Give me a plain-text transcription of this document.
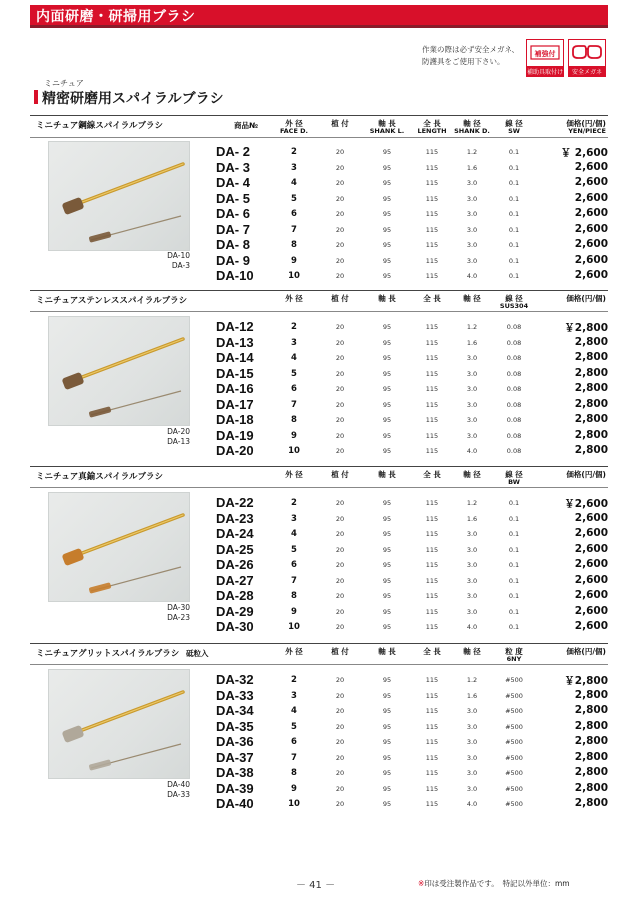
内面研磨・研掃用ブラシ
作業の際は必ず安全メガネ、
防護具をご使用下さい。
補強付
補助具取付け	安全メガネ
ミニチュア
精密研磨用スパイラルブラシ
ミニチュア鋼線スパイラルブラシ	商品№	外 径	植 付	軸 長	全 長	軸 径	線 径	価格(円/個)
FACE D.	SHANK L.	LENGTH	SHANK D.	YEN/PIECE
SW
DA-10
DA-3
DA- 2	2	20	95	115	1.2	0.1	￥ 2,600
DA- 3	3	20	95	115	1.6	0.1	2,600
DA- 4	4	20	95	115	3.0	0.1	2,600
DA- 5	5	20	95	115	3.0	0.1	2,600
DA- 6	6	20	95	115	3.0	0.1	2,600
DA- 7	7	20	95	115	3.0	0.1	2,600
DA- 8	8	20	95	115	3.0	0.1	2,600
DA- 9	9	20	95	115	3.0	0.1	2,600
DA-10	10	20	95	115	4.0	0.1	2,600
ミニチュアステンレススパイラルブラシ	外 径	植 付	軸 長	全 長	軸 径	線 径	価格(円/個)
SUS304
DA-20
DA-13
DA-12	2	20	95	115	1.2	0.08	￥2,800
DA-13	3	20	95	115	1.6	0.08	2,800
DA-14	4	20	95	115	3.0	0.08	2,800
DA-15	5	20	95	115	3.0	0.08	2,800
DA-16	6	20	95	115	3.0	0.08	2,800
DA-17	7	20	95	115	3.0	0.08	2,800
DA-18	8	20	95	115	3.0	0.08	2,800
DA-19	9	20	95	115	3.0	0.08	2,800
DA-20	10	20	95	115	4.0	0.08	2,800
ミニチュア真鍮スパイラルブラシ	外 径	植 付	軸 長	全 長	軸 径	線 径	価格(円/個)
BW
DA-30
DA-23
DA-22	2	20	95	115	1.2	0.1	￥2,600
DA-23	3	20	95	115	1.6	0.1	2,600
DA-24	4	20	95	115	3.0	0.1	2,600
DA-25	5	20	95	115	3.0	0.1	2,600
DA-26	6	20	95	115	3.0	0.1	2,600
DA-27	7	20	95	115	3.0	0.1	2,600
DA-28	8	20	95	115	3.0	0.1	2,600
DA-29	9	20	95	115	3.0	0.1	2,600
DA-30	10	20	95	115	4.0	0.1	2,600
ミニチュアグリットスパイラルブラシ 砥粒入	外 径	植 付	軸 長	全 長	軸 径	粒 度	価格(円/個)
6NY
DA-40
DA-33
DA-32	2	20	95	115	1.2	#500	￥2,800
DA-33	3	20	95	115	1.6	#500	2,800
DA-34	4	20	95	115	3.0	#500	2,800
DA-35	5	20	95	115	3.0	#500	2,800
DA-36	6	20	95	115	3.0	#500	2,800
DA-37	7	20	95	115	3.0	#500	2,800
DA-38	8	20	95	115	3.0	#500	2,800
DA-39	9	20	95	115	3.0	#500	2,800
DA-40	10	20	95	115	4.0	#500	2,800
－ 41 －	※印は受注製作品です。　特記以外単位：mm
